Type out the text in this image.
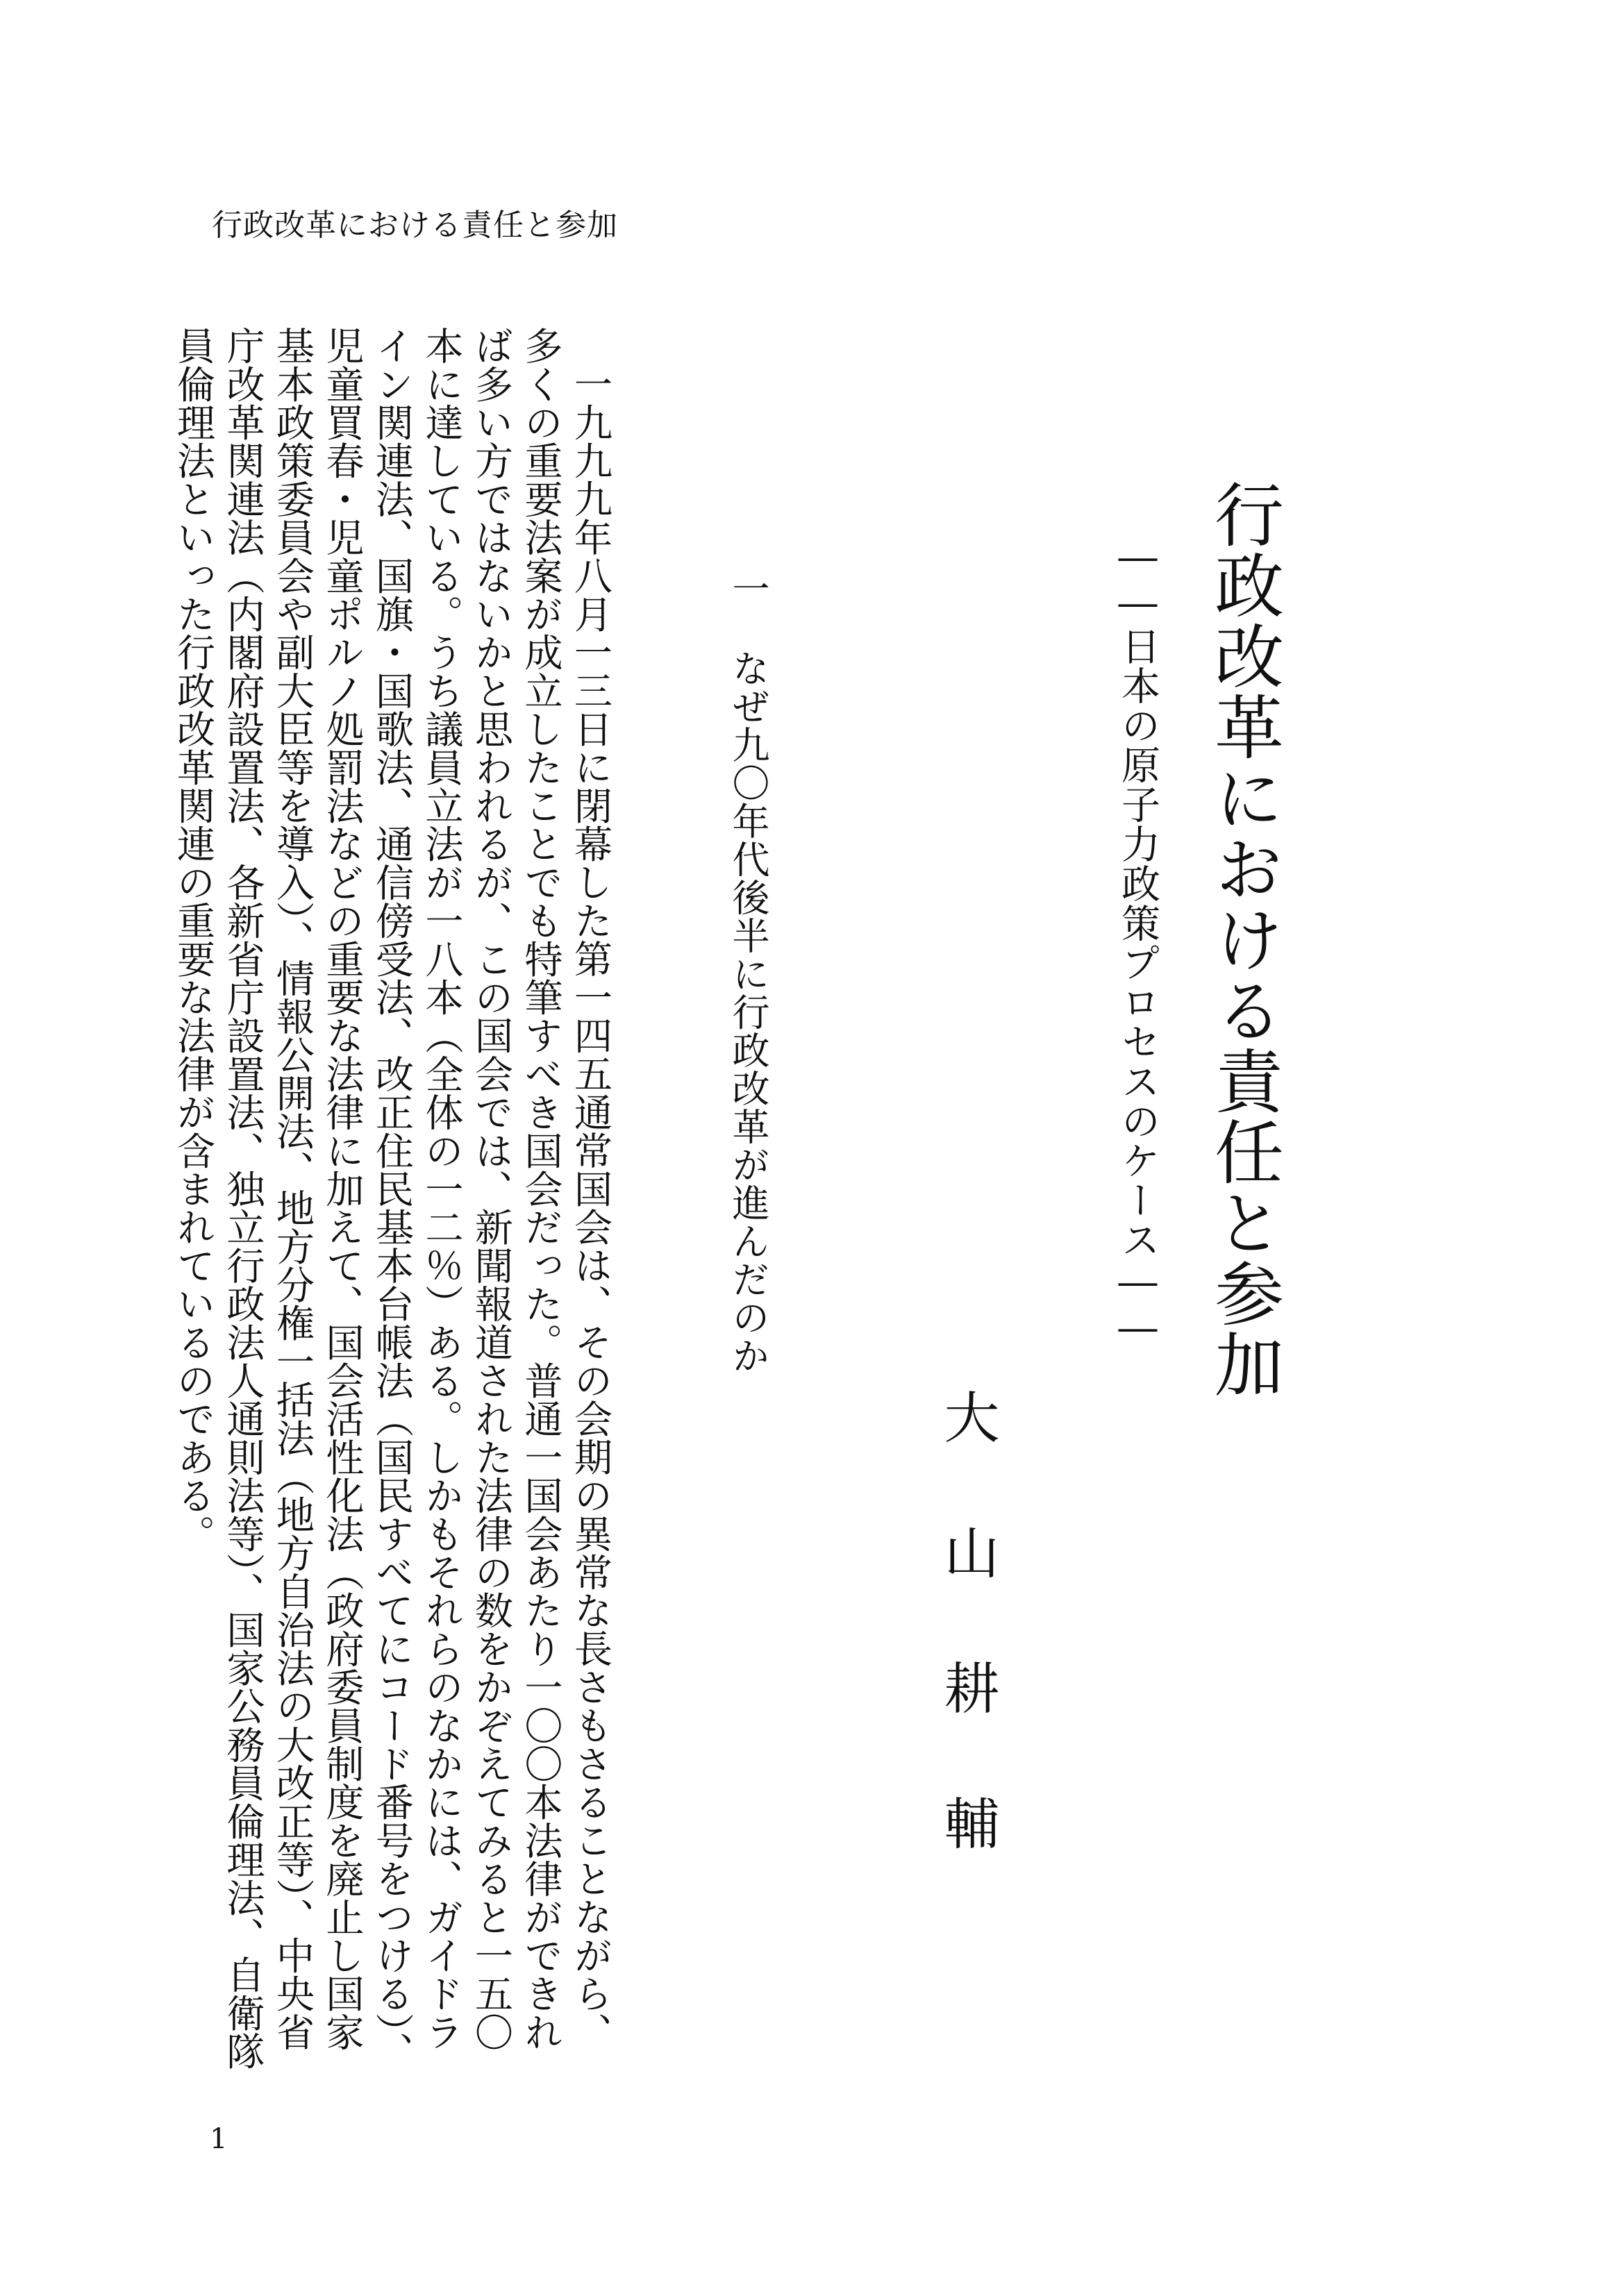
行政改革における責任と参加
行政改革における責任と参加
――日本の原子力政策プロセスのケース――
大山耕輔
一なぜ九〇年代後半に行政改革が進んだのか

一九九九年八月一三日に閉幕した第一四五通常国会は、その会期の異常な長さもさることながら、多くの重要法案が成立したことでも特筆すべき国会だった。普通一国会あたり一〇〇本法律ができれば多い方ではないかと思われるが、この国会では、新聞報道された法律の数をかぞえてみると一五〇本に達している。うち議員立法が一八本（全体の一二％）ある。しかもそれらのなかには、ガイドライン関連法、国旗・国歌法、通信傍受法、改正住民基本台帳法（国民すべてにコード番号をつける）、児童買春・児童ポルノ処罰法などの重要な法律に加えて、国会活性化法（政府委員制度を廃止し国家基本政策委員会や副大臣等を導入）、情報公開法、地方分権一括法（地方自治法の大改正等）、中央省庁改革関連法（内閣府設置法、各新省庁設置法、独立行政法人通則法等）、国家公務員倫理法、自衛隊員倫理法といった行政改革関連の重要な法律が含まれているのである。

1
